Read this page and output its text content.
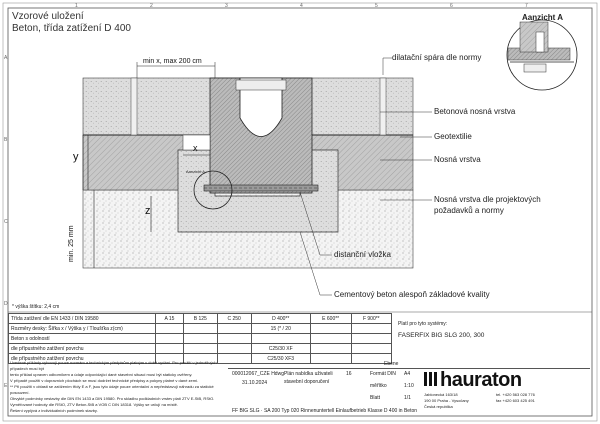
Vzorové uložení
Beton, třída zatížení D 400
Aanzicht A
dilatační spára dle normy
Betonová nosná vrstva
Geotextilie
Nosná vrstva
Nosná vrstva dle projektových
požadavků a normy
distanční vložka
Cementový beton alespoň základové kvality
min x, max 200 cm
x
y
z
min. 25 mm
Aanzicht A
1	2	3	4	5	6	7
A
B
C
D
E
* výška štítku: 2,4 cm
Třída zatížení dle EN 1433 / DIN 19580	A 15	B 125	C 250	D 400**	E 600**	F 900**
Rozměry desky: Šířka x / Výška y / Tloušťka z(cm)				15 (* / 20		
Beton s odolností						
dle přípustného zatížení povrchu				C25/30 XF		
dle přípustného zatížení povrchu				C25/30 XF3		
Uvedené příklady vyhovují pouze normám a technickým předpisům platným v době vydání. Pro použití v jednotlivých případech musí být
tento příklad upraven odborníkem a údaje odpovídající dané stavební situaci musí být staticky ověřeny.
V případě použití v dopravních plochách se musí dodržet technické předpisy a pokyny platné v dané zemi.
** Při použití v oblasti se zatížením třídy E a F, jsou tyto údaje pouze orientační a nepředstavují náhradu za statické posouzení.
Obvyklé podmínky vestavby dle DIN EN 1433 a DIN 19580. Pro skladbu podkladních vrstev platí ZTV E-StB, RStO.
Vyměřované hodnoty dle RStO, ZTV Beton-StB a VOB C DIN 18318. Výšky se určují na místě.
Řešení vyplývá z individuálních podmínek stavby.
Platí pro tyto systémy:
FASERFIX BIG SLG 200, 300
000012067_CZE Hdwg	16
31.10.2024
Plán nabídka uživateli
stavební doporučení
Formát DIN A4
měřítko	1:10
Blatt	1/1
Ebene
hauraton
Jablonecká 163/18
190 00 Praha - Vysočany
Česká republika
tel. +420 563 028 776
fax +420 603 425 491
FF BIG SLG · SA 200 Typ 020 Rinnenuntertell Einlaufbetrieb Klasse D 400 in Beton
